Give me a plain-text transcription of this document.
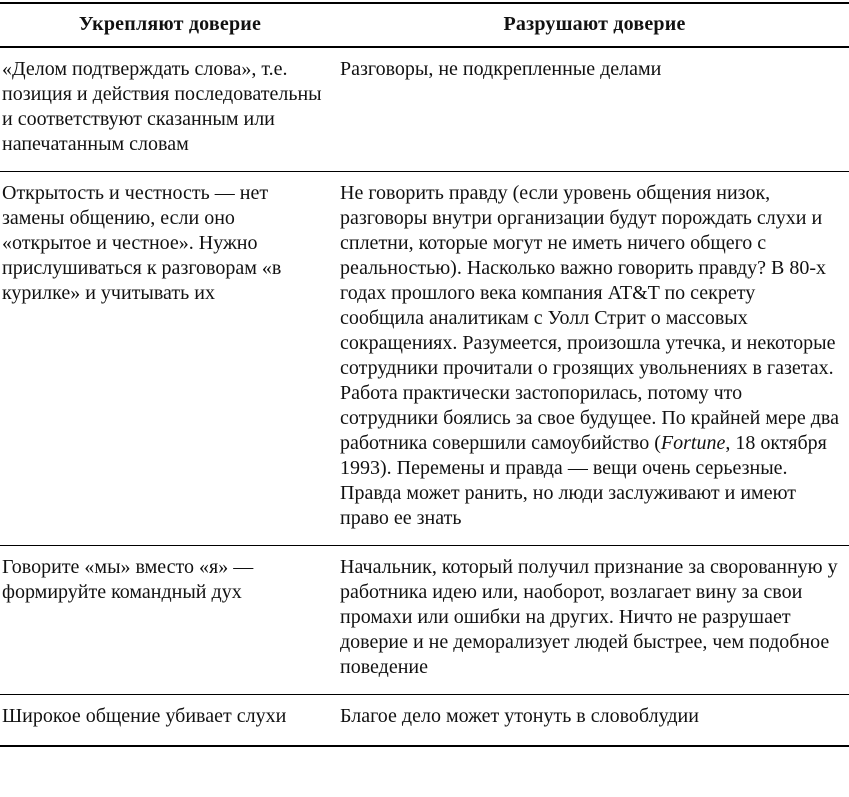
Укрепляют доверие	Разрушают доверие
«Делом подтверждать слова», т.е. позиция и действия последовательны и соответствуют сказанным или напечатанным словам	Разговоры, не подкрепленные делами
Открытость и честность — нет замены общению, если оно «открытое и честное». Нужно прислушиваться к разговорам «в курилке» и учитывать их	Не говорить правду (если уровень общения низок, разговоры внутри организации будут порождать слухи и сплетни, которые могут не иметь ничего общего с реальностью). Насколько важно говорить правду? В 80-х годах прошлого века компания AT&T по секрету сообщила аналитикам с Уолл Стрит о массовых сокращениях. Разумеется, произошла утечка, и некоторые сотрудники прочитали о грозящих увольнениях в газетах. Работа практически застопорилась, потому что сотрудники боялись за свое будущее. По крайней мере два работника совершили самоубийство (Fortune, 18 октября 1993). Перемены и правда — вещи очень серьезные. Правда может ранить, но люди заслуживают и имеют право ее знать
Говорите «мы» вместо «я» — формируйте командный дух	Начальник, который получил признание за сворованную у работника идею или, наоборот, возлагает вину за свои промахи или ошибки на других. Ничто не разрушает доверие и не деморализует людей быстрее, чем подобное поведение
Широкое общение убивает слухи	Благое дело может утонуть в словоблудии
